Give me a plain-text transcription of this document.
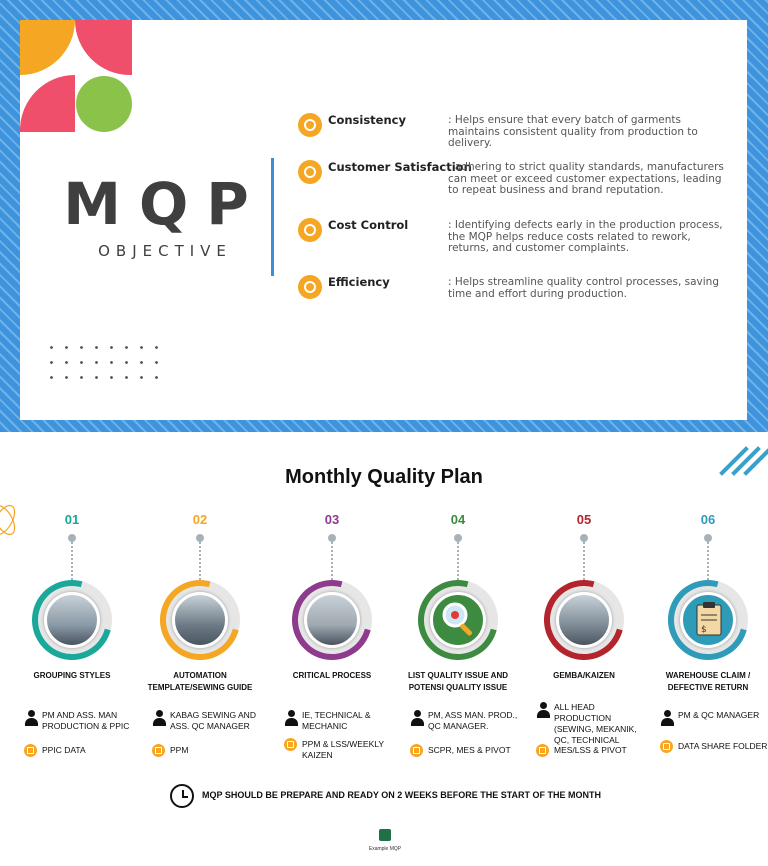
MQP
OBJECTIVE
Consistency	: Helps ensure that every batch of garments maintains consistent quality from production to delivery.
Customer Satisfaction
: adhering to strict quality standards, manufacturers can meet or exceed customer expectations, leading to repeat business and brand reputation.
Cost Control	: Identifying defects early in the production process, the MQP helps reduce costs related to rework, returns, and customer complaints.
Efficiency	: Helps streamline quality control processes, saving time and effort during production.
Monthly Quality Plan
01
GROUPING STYLES
02
AUTOMATION TEMPLATE/SEWING GUIDE
03
CRITICAL PROCESS
04
LIST QUALITY ISSUE AND POTENSI QUALITY ISSUE
05
GEMBA/KAIZEN
06
$
WAREHOUSE CLAIM / DEFECTIVE RETURN
MQP SHOULD BE PREPARE AND READY ON 2 WEEKS BEFORE THE START OF THE MONTH
Example MQP
PM AND ASS. MAN PRODUCTION & PPIC
PPIC DATA
KABAG SEWING AND ASS. QC MANAGER
PPM
IE, TECHNICAL & MECHANIC
PPM & LSS/WEEKLY KAIZEN
PM, ASS MAN. PROD., QC MANAGER.
SCPR, MES & PIVOT
ALL HEAD PRODUCTION (SEWING, MEKANIK, QC, TECHNICAL
MES/LSS & PIVOT
PM & QC MANAGER
DATA SHARE FOLDER
